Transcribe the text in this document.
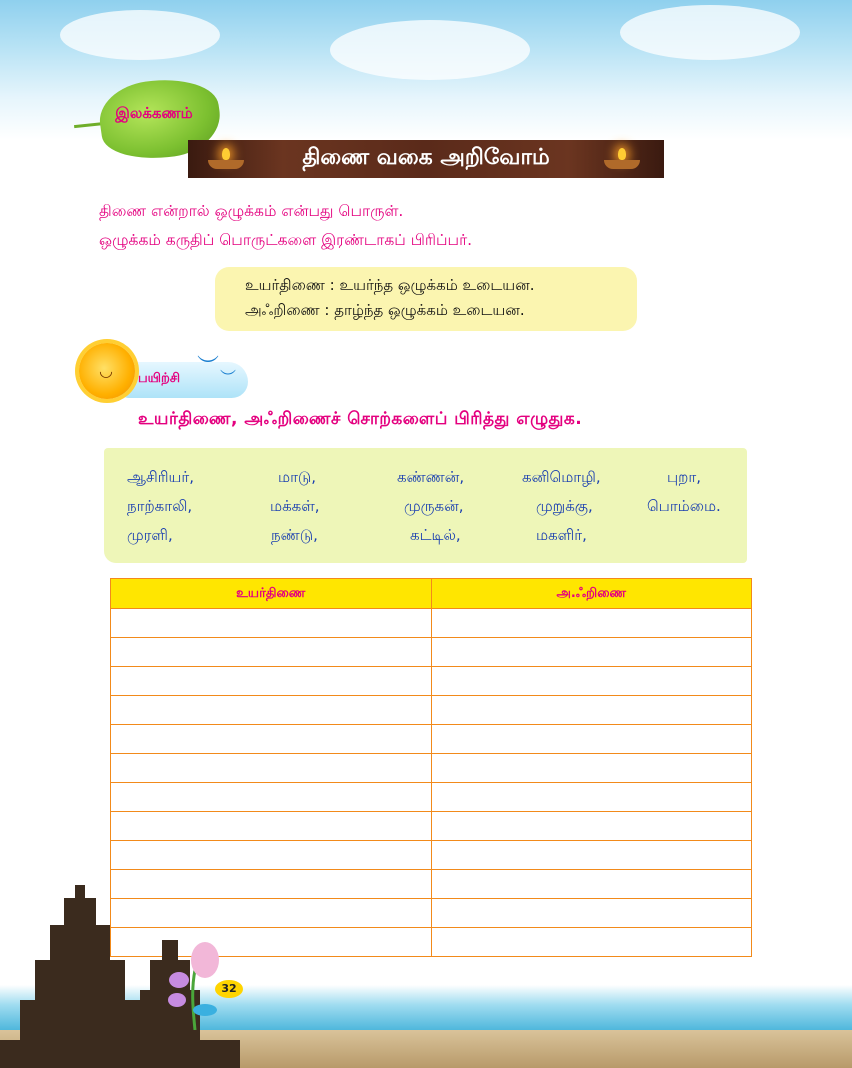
இலக்கணம்
திணை வகை அறிவோம்
திணை என்றால் ஒழுக்கம் என்பது பொருள்.
ஒழுக்கம் கருதிப் பொருட்களை இரண்டாகப் பிரிப்பர்.
உயர்திணை : உயர்ந்த ஒழுக்கம் உடையன.
அஃறிணை : தாழ்ந்த ஒழுக்கம் உடையன.
◡ பயிற்சி ︶ ︶
உயர்திணை, அஃறிணைச் சொற்களைப் பிரித்து எழுதுக.
ஆசிரியர்,	மாடு,	கண்ணன்,	கனிமொழி,	புறா,
நாற்காலி,	மக்கள்,	முருகன்,	முறுக்கு,	பொம்மை.
முரளி,	நண்டு,	கட்டில்,	மகளிர்,
உயர்திணை	அ.ஃறிணை

32
